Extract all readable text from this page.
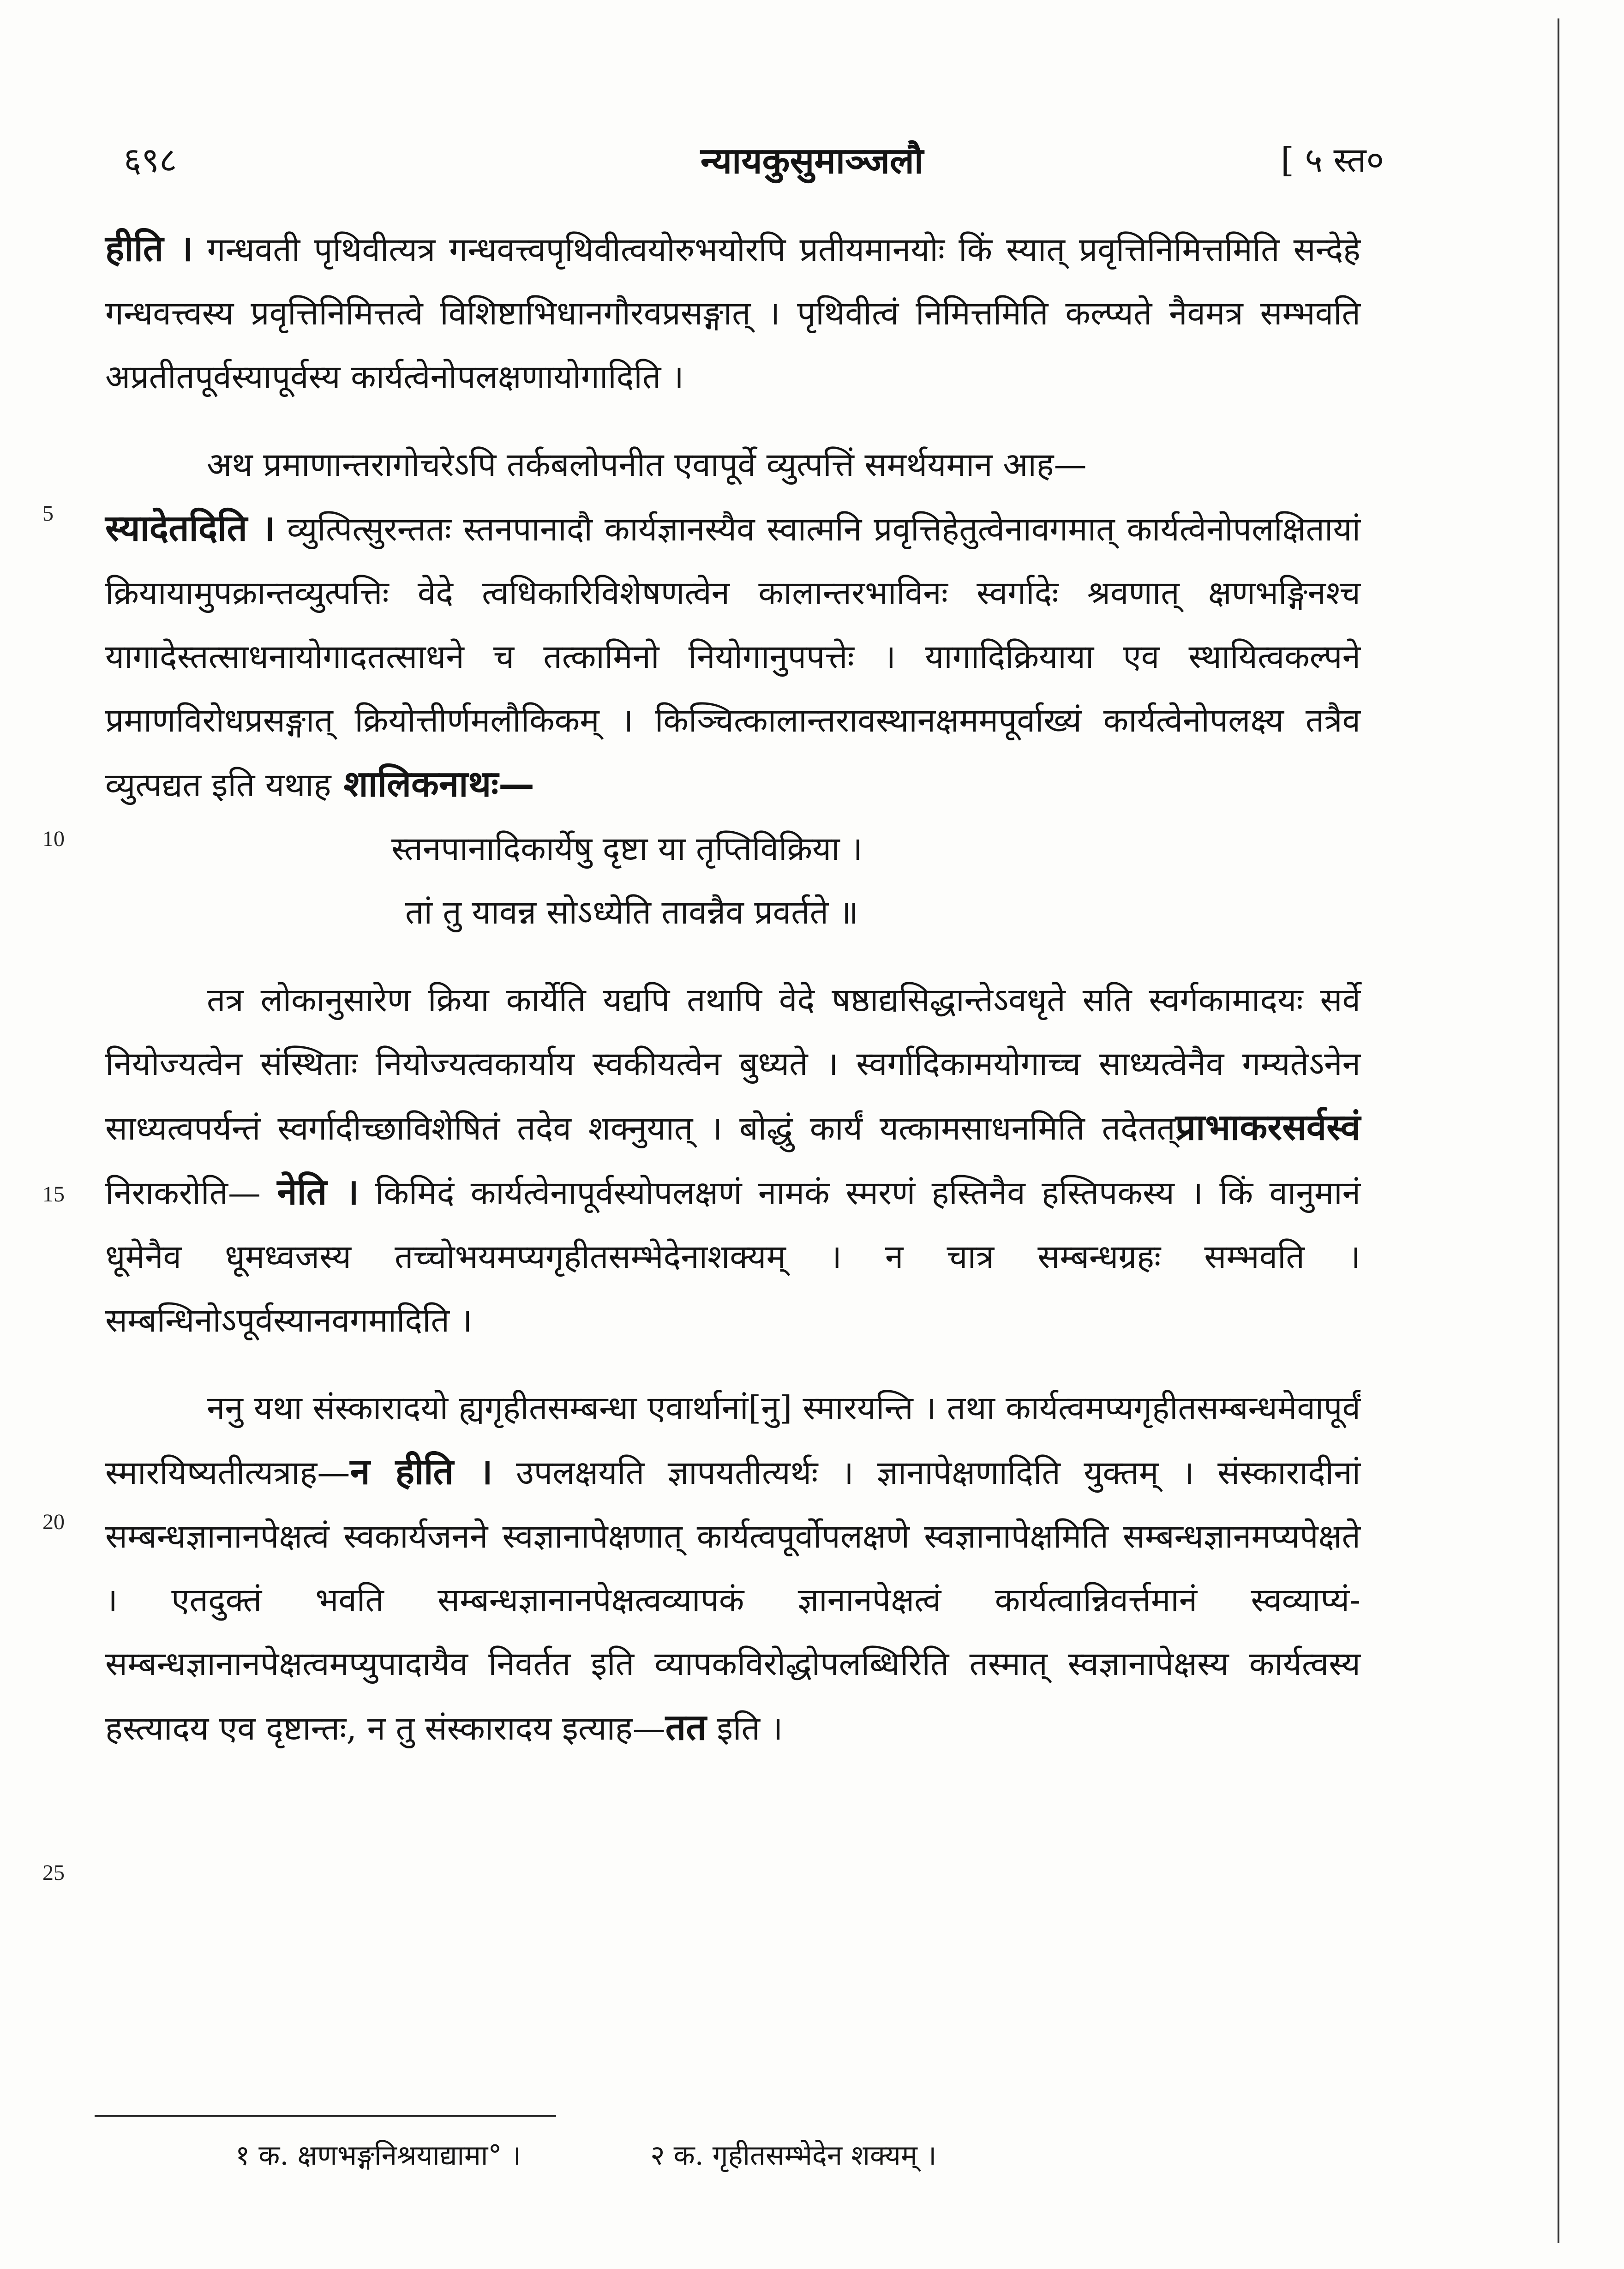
६९८	न्यायकुसुमाञ्जलौ	[ ५ स्त०
5
10
15
20
25

हीति । गन्धवती पृथिवीत्यत्र गन्धवत्त्वपृथिवीत्वयोरुभयोरपि प्रतीयमानयोः किं स्यात् प्रवृत्तिनिमित्तमिति सन्देहे गन्धवत्त्वस्य प्रवृत्तिनिमित्तत्वे विशिष्टाभिधानगौरवप्रसङ्गात् । पृथिवीत्वं निमित्तमिति कल्प्यते नैवमत्र सम्भवति अप्रतीतपूर्वस्यापूर्वस्य कार्यत्वेनोपलक्षणायोगादिति ।

अथ प्रमाणान्तरागोचरेऽपि तर्कबलोपनीत एवापूर्वे व्युत्पत्तिं समर्थयमान आह—

स्यादेतदिति । व्युत्पित्सुरन्ततः स्तनपानादौ कार्यज्ञानस्यैव स्वात्मनि प्रवृत्तिहेतुत्वेनावगमात् कार्यत्वेनोपलक्षितायां क्रियायामुपक्रान्तव्युत्पत्तिः वेदे त्वधिकारिविशेषणत्वेन कालान्तरभाविनः स्वर्गादेः श्रवणात् क्षणभङ्गिनश्च यागादेस्तत्साधनायोगादतत्साधने च तत्कामिनो नियोगानुपपत्तेः । यागादिक्रियाया एव स्थायित्वकल्पने प्रमाणविरोधप्रसङ्गात् क्रियोत्तीर्णमलौकिकम् । किञ्चित्कालान्तरावस्थानक्षममपूर्वाख्यं कार्यत्वेनोपलक्ष्य तत्रैव व्युत्पद्यत इति यथाह शालिकनाथः—

स्तनपानादिकार्येषु दृष्टा या तृप्तिविक्रिया ।

तां तु यावन्न सोऽध्येति तावन्नैव प्रवर्तते ॥

तत्र लोकानुसारेण क्रिया कार्येति यद्यपि तथापि वेदे षष्ठाद्यसिद्धान्तेऽवधृते सति स्वर्गकामादयः सर्वे नियोज्यत्वेन संस्थिताः नियोज्यत्वकार्याय स्वकीयत्वेन बुध्यते । स्वर्गादिकामयोगाच्च साध्यत्वेनैव गम्यतेऽनेन साध्यत्वपर्यन्तं स्वर्गादीच्छाविशेषितं तदेव शक्नुयात् । बोद्धुं कार्यं यत्कामसाधनमिति तदेतत्प्राभाकरसर्वस्वं निराकरोति— नेति । किमिदं कार्यत्वेनापूर्वस्योपलक्षणं नामकं स्मरणं हस्तिनैव हस्तिपकस्य । किं वानुमानं धूमेनैव धूमध्वजस्य तच्चोभयमप्यगृहीतसम्भेदेनाशक्यम् । न चात्र सम्बन्धग्रहः सम्भवति । सम्बन्धिनोऽपूर्वस्यानवगमादिति ।

ननु यथा संस्कारादयो ह्यगृहीतसम्बन्धा एवार्थानां[नु] स्मारयन्ति । तथा कार्यत्वमप्यगृहीतसम्बन्धमेवापूर्वं स्मारयिष्यतीत्यत्राह—न हीति । उपलक्षयति ज्ञापयतीत्यर्थः । ज्ञानापेक्षणादिति युक्तम् । संस्कारादीनां सम्बन्धज्ञानानपेक्षत्वं स्वकार्यजनने स्वज्ञानापेक्षणात् कार्यत्वपूर्वोपलक्षणे स्वज्ञानापेक्षमिति सम्बन्धज्ञानमप्यपेक्षते । एतदुक्तं भवति सम्बन्धज्ञानानपेक्षत्वव्यापकं ज्ञानानपेक्षत्वं कार्यत्वान्निवर्त्तमानं स्वव्याप्यं-सम्बन्धज्ञानानपेक्षत्वमप्युपादायैव निवर्तत इति व्यापकविरोद्धोपलब्धिरिति तस्मात् स्वज्ञानापेक्षस्य कार्यत्वस्य हस्त्यादय एव दृष्टान्तः, न तु संस्कारादय इत्याह—तत इति ।

१ क. क्षणभङ्गनिश्रयाद्यामा° ।	२ क. गृहीतसम्भेदेन शक्यम् ।
